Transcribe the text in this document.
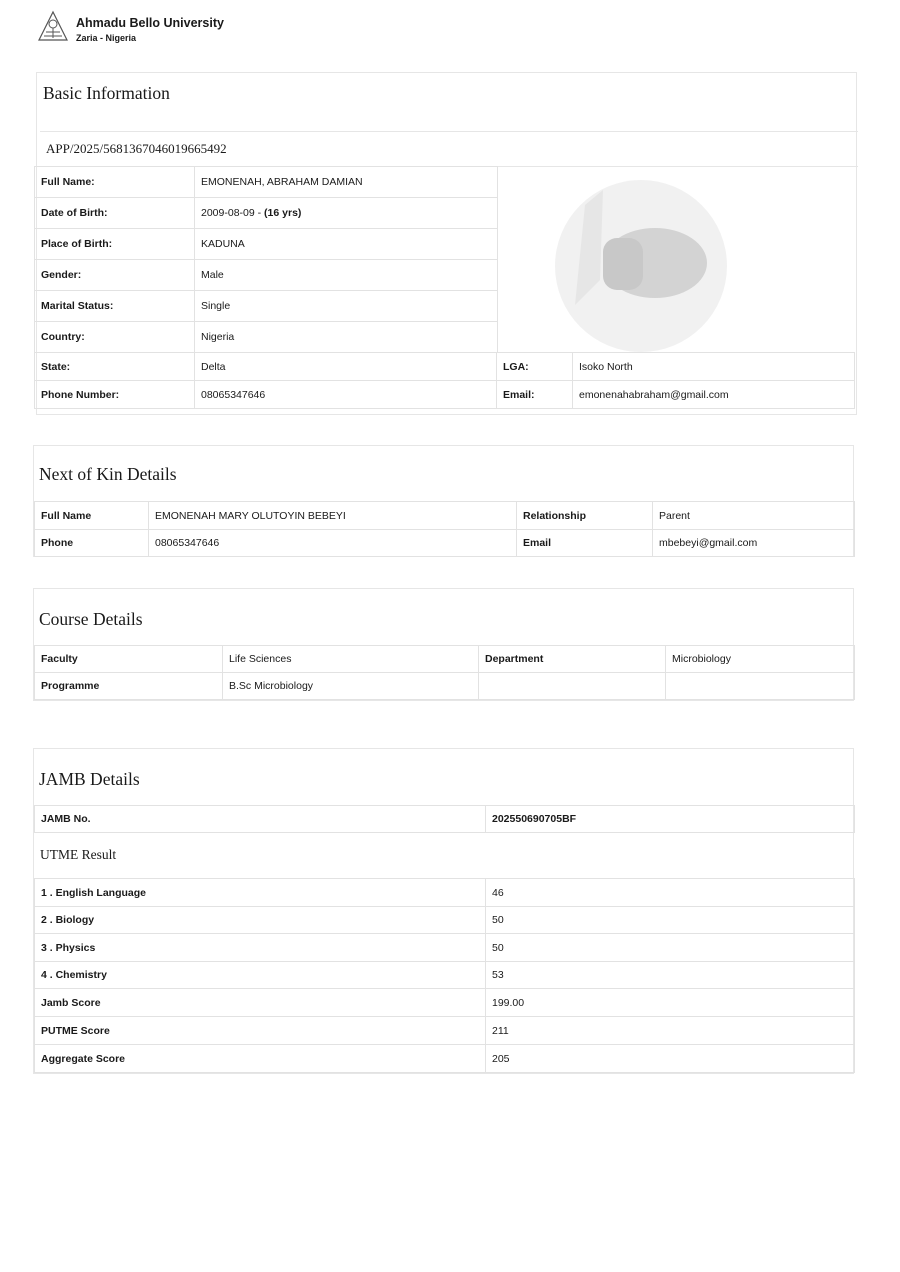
Ahmadu Bello University
Zaria - Nigeria
Basic Information
APP/2025/5681367046019665492
Full Name:	EMONENAH, ABRAHAM DAMIAN
Date of Birth:	2009-08-09 - (16 yrs)
Place of Birth:	KADUNA
Gender:	Male
Marital Status:	Single
Country:	Nigeria
State:	Delta	LGA:	Isoko North
Phone Number:	08065347646	Email:	emonenahabraham@gmail.com
Next of Kin Details
Full Name	EMONENAH MARY OLUTOYIN BEBEYI	Relationship	Parent
Phone	08065347646	Email	mbebeyi@gmail.com
Course Details
Faculty	Life Sciences	Department	Microbiology
Programme	B.Sc Microbiology		
JAMB Details
UTME Result
JAMB No.	202550690705BF
1 . English Language	46
2 . Biology	50
3 . Physics	50
4 . Chemistry	53
Jamb Score	199.00
PUTME Score	211
Aggregate Score	205
